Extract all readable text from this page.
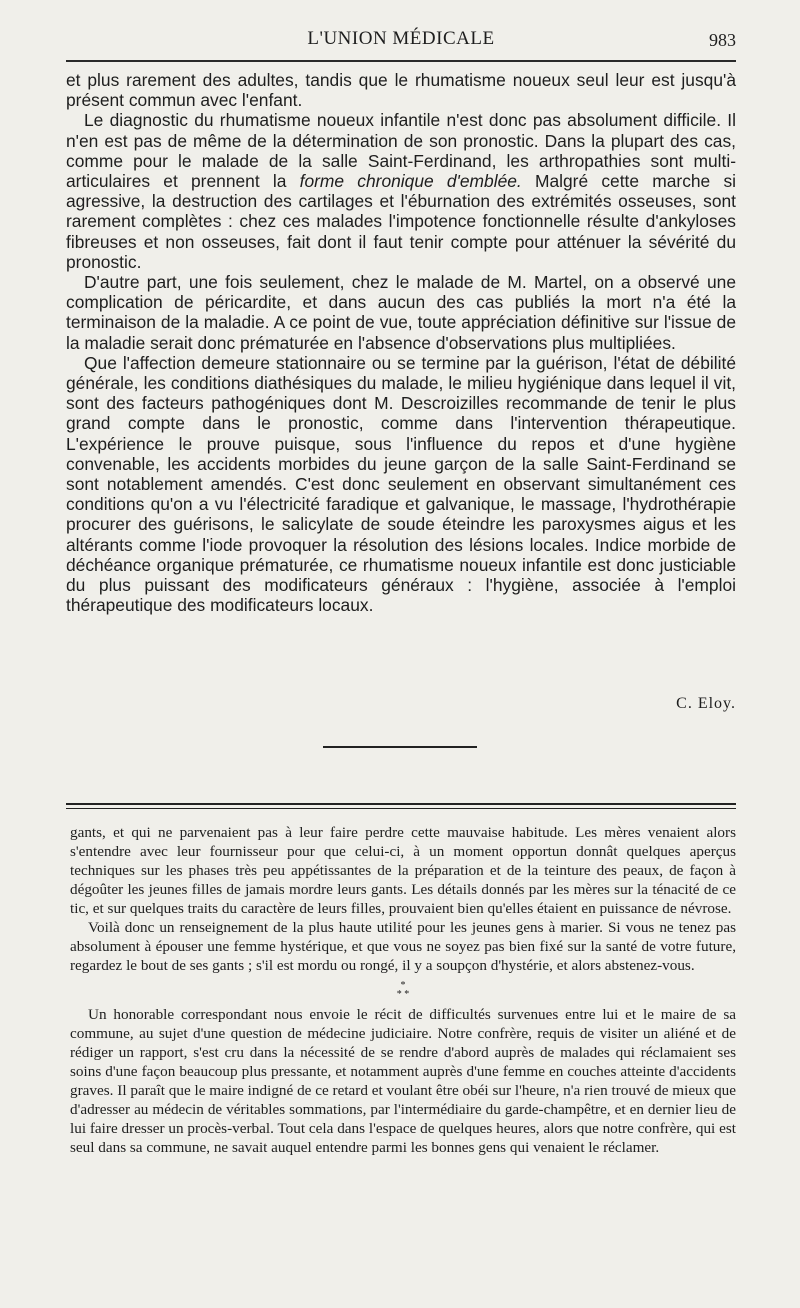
L'UNION MÉDICALE	983

et plus rarement des adultes, tandis que le rhumatisme noueux seul leur est jusqu'à présent commun avec l'enfant.

Le diagnostic du rhumatisme noueux infantile n'est donc pas absolument difficile. Il n'en est pas de même de la détermination de son pronostic. Dans la plupart des cas, comme pour le malade de la salle Saint-Ferdinand, les arthropathies sont multi-articulaires et prennent la forme chronique d'emblée. Malgré cette marche si agressive, la destruction des cartilages et l'éburnation des extrémités osseuses, sont rarement complètes : chez ces malades l'impotence fonctionnelle résulte d'ankyloses fibreuses et non osseuses, fait dont il faut tenir compte pour atténuer la sévérité du pronostic.

D'autre part, une fois seulement, chez le malade de M. Martel, on a observé une complication de péricardite, et dans aucun des cas publiés la mort n'a été la terminaison de la maladie. A ce point de vue, toute appréciation définitive sur l'issue de la maladie serait donc prématurée en l'absence d'observations plus multipliées.

Que l'affection demeure stationnaire ou se termine par la guérison, l'état de débilité générale, les conditions diathésiques du malade, le milieu hygiénique dans lequel il vit, sont des facteurs pathogéniques dont M. Descroizilles recommande de tenir le plus grand compte dans le pronostic, comme dans l'intervention thérapeutique. L'expérience le prouve puisque, sous l'influence du repos et d'une hygiène convenable, les accidents morbides du jeune garçon de la salle Saint-Ferdinand se sont notablement amendés. C'est donc seulement en observant simultanément ces conditions qu'on a vu l'électricité faradique et galvanique, le massage, l'hydrothérapie procurer des guérisons, le salicylate de soude éteindre les paroxysmes aigus et les altérants comme l'iode provoquer la résolution des lésions locales. Indice morbide de déchéance organique prématurée, ce rhumatisme noueux infantile est donc justiciable du plus puissant des modificateurs généraux : l'hygiène, associée à l'emploi thérapeutique des modificateurs locaux.

C. Eloy.

gants, et qui ne parvenaient pas à leur faire perdre cette mauvaise habitude. Les mères venaient alors s'entendre avec leur fournisseur pour que celui-ci, à un moment opportun donnât quelques aperçus techniques sur les phases très peu appétissantes de la préparation et de la teinture des peaux, de façon à dégoûter les jeunes filles de jamais mordre leurs gants. Les détails donnés par les mères sur la ténacité de ce tic, et sur quelques traits du caractère de leurs filles, prouvaient bien qu'elles étaient en puissance de névrose.

Voilà donc un renseignement de la plus haute utilité pour les jeunes gens à marier. Si vous ne tenez pas absolument à épouser une femme hystérique, et que vous ne soyez pas bien fixé sur la santé de votre future, regardez le bout de ses gants ; s'il est mordu ou rongé, il y a soupçon d'hystérie, et alors abstenez-vous.

*
* *

Un honorable correspondant nous envoie le récit de difficultés survenues entre lui et le maire de sa commune, au sujet d'une question de médecine judiciaire. Notre confrère, requis de visiter un aliéné et de rédiger un rapport, s'est cru dans la nécessité de se rendre d'abord auprès de malades qui réclamaient ses soins d'une façon beaucoup plus pressante, et notamment auprès d'une femme en couches atteinte d'accidents graves. Il paraît que le maire indigné de ce retard et voulant être obéi sur l'heure, n'a rien trouvé de mieux que d'adresser au médecin de véritables sommations, par l'intermédiaire du garde-champêtre, et en dernier lieu de lui faire dresser un procès-verbal. Tout cela dans l'espace de quelques heures, alors que notre confrère, qui est seul dans sa commune, ne savait auquel entendre parmi les bonnes gens qui venaient le réclamer.
